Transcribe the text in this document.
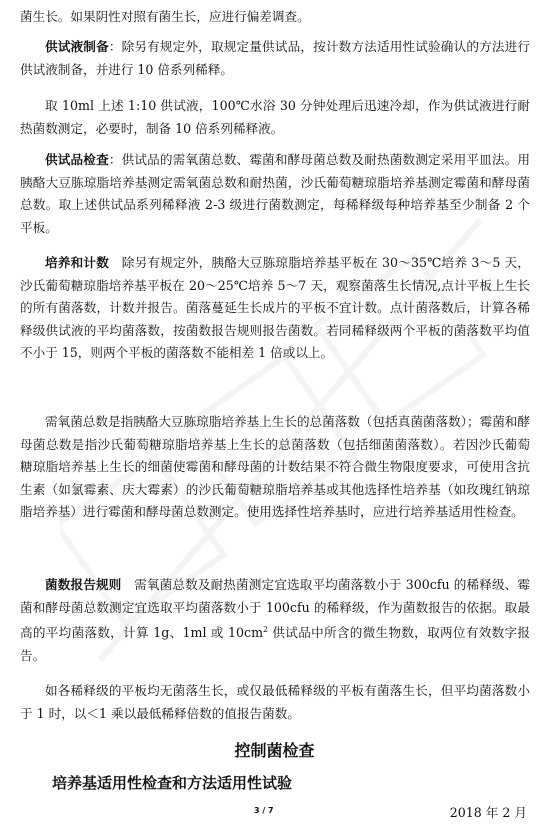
菌生长。如果阴性对照有菌生长，应进行偏差调查。

供试液制备：除另有规定外，取规定量供试品，按计数方法适用性试验确认的方法进行供试液制备，并进行 10 倍系列稀释。

取 10ml 上述 1:10 供试液，100℃水浴 30 分钟处理后迅速冷却，作为供试液进行耐热菌数测定，必要时，制备 10 倍系列稀释液。

供试品检查：供试品的需氧菌总数、霉菌和酵母菌总数及耐热菌数测定采用平皿法。用胰酪大豆胨琼脂培养基测定需氧菌总数和耐热菌，沙氏葡萄糖琼脂培养基测定霉菌和酵母菌总数。取上述供试品系列稀释液 2-3 级进行菌数测定，每稀释级每种培养基至少制备 2 个平板。

培养和计数　除另有规定外，胰酪大豆胨琼脂培养基平板在 30～35℃培养 3～5 天，沙氏葡萄糖琼脂培养基平板在 20～25℃培养 5～7 天，观察菌落生长情况,点计平板上生长的所有菌落数，计数并报告。菌落蔓延生长成片的平板不宜计数。点计菌落数后，计算各稀释级供试液的平均菌落数，按菌数报告规则报告菌数。若同稀释级两个平板的菌落数平均值不小于 15，则两个平板的菌落数不能相差 1 倍或以上。

需氧菌总数是指胰酪大豆胨琼脂培养基上生长的总菌落数（包括真菌菌落数）；霉菌和酵母菌总数是指沙氏葡萄糖琼脂培养基上生长的总菌落数（包括细菌菌落数）。若因沙氏葡萄糖琼脂培养基上生长的细菌使霉菌和酵母菌的计数结果不符合微生物限度要求，可使用含抗生素（如氯霉素、庆大霉素）的沙氏葡萄糖琼脂培养基或其他选择性培养基（如玫瑰红钠琼脂培养基）进行霉菌和酵母菌总数测定。使用选择性培养基时，应进行培养基适用性检查。

菌数报告规则　需氧菌总数及耐热菌测定宜选取平均菌落数小于 300cfu 的稀释级、霉菌和酵母菌总数测定宜选取平均菌落数小于 100cfu 的稀释级，作为菌数报告的依据。取最高的平均菌落数，计算 1g、1ml 或 $10cm^2$ 供试品中所含的微生物数，取两位有效数字报告。

如各稀释级的平板均无菌落生长，或仅最低稀释级的平板有菌落生长，但平均菌落数小于 1 时，以＜1 乘以最低稀释倍数的值报告菌数。

控制菌检查
培养基适用性检查和方法适用性试验
3 / 7	2018 年 2 月
